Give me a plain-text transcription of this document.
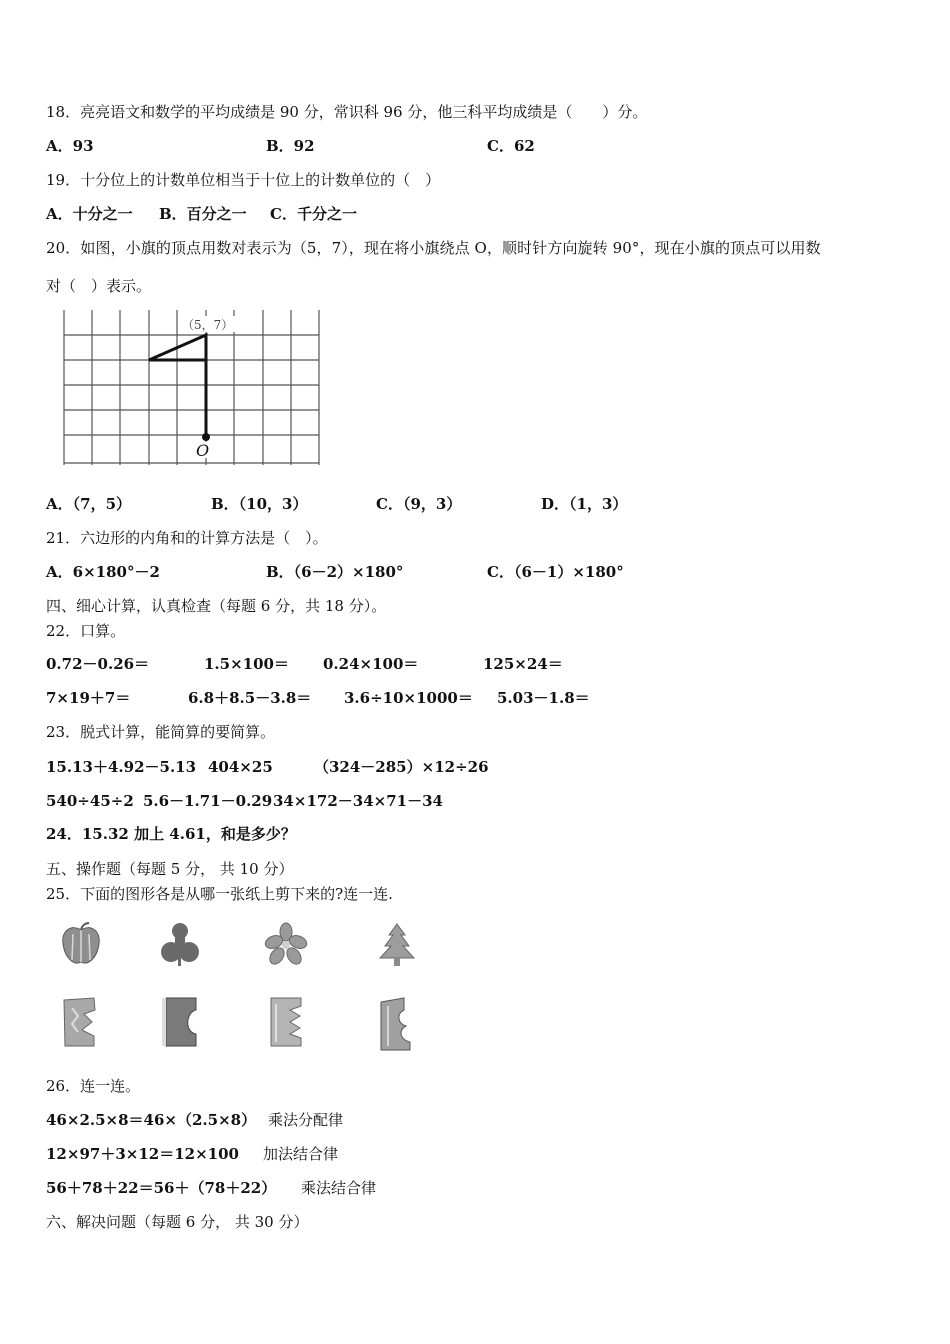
18．亮亮语文和数学的平均成绩是 90 分，常识科 96 分，他三科平均成绩是（　　）分。
A．93	B．92	C．62
19．十分位上的计数单位相当于十位上的计数单位的（　）
A．十分之一 B．百分之一 C．千分之一
20．如图，小旗的顶点用数对表示为（5，7），现在将小旗绕点 O，顺时针方向旋转 90°，现在小旗的顶点可以用数
对（　）表示。
（5，7）
O
A．（7，5）	B．（10，3）	C．（9，3）	D．（1，3）
21．六边形的内角和的计算方法是（　）。
A．6×180°－2	B．（6－2）×180°	C．（6－1）×180°
四、细心计算，认真检查（每题 6 分，共 18 分）。
22．口算。
0.72－0.26＝	1.5×100＝ 0.24×100＝	125×24＝
7×19＋7＝	6.8＋8.5－3.8＝ 3.6÷10×1000＝ 5.03－1.8＝
23．脱式计算，能简算的要简算。
15.13＋4.92－5.13 404×25	（324－285）×12÷26
540÷45÷2 5.6－1.71－0.29 34×172－34×71－34
24．15.32 加上 4.61，和是多少？
五、操作题（每题 5 分， 共 10 分）
25．下面的图形各是从哪一张纸上剪下来的?连一连.
26．连一连。
46×2.5×8＝46×（2.5×8） 乘法分配律
12×97＋3×12＝12×100 加法结合律
56＋78＋22＝56＋（78＋22） 乘法结合律
六、解决问题（每题 6 分， 共 30 分）
